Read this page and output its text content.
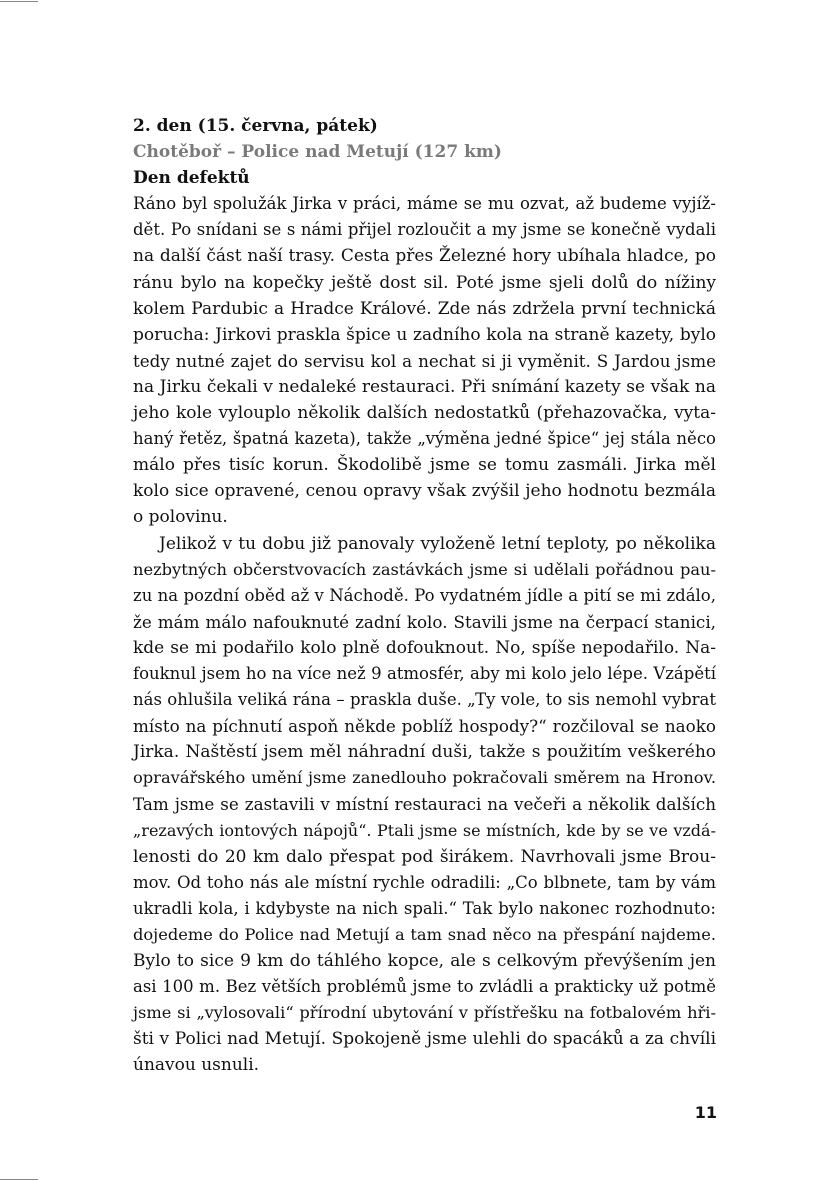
2. den (15. června, pátek)

Chotěboř – Police nad Metují (127 km)

Den defektů

Ráno byl spolužák Jirka v práci, máme se mu ozvat, až budeme vyjíž-
dět. Po snídani se s námi přijel rozloučit a my jsme se konečně vydali
na další část naší trasy. Cesta přes Železné hory ubíhala hladce, po
ránu bylo na kopečky ještě dost sil. Poté jsme sjeli dolů do nížiny
kolem Pardubic a Hradce Králové. Zde nás zdržela první technická
porucha: Jirkovi praskla špice u zadního kola na straně kazety, bylo
tedy nutné zajet do servisu kol a nechat si ji vyměnit. S Jardou jsme
na Jirku čekali v nedaleké restauraci. Při snímání kazety se však na
jeho kole vylouplo několik dalších nedostatků (přehazovačka, vyta-
haný řetěz, špatná kazeta), takže „výměna jedné špice“ jej stála něco
málo přes tisíc korun. Škodolibě jsme se tomu zasmáli. Jirka měl
kolo sice opravené, cenou opravy však zvýšil jeho hodnotu bezmála
o polovinu.
Jelikož v tu dobu již panovaly vyloženě letní teploty, po několika
nezbytných občerstvovacích zastávkách jsme si udělali pořádnou pau-
zu na pozdní oběd až v Náchodě. Po vydatném jídle a pití se mi zdálo,
že mám málo nafouknuté zadní kolo. Stavili jsme na čerpací stanici,
kde se mi podařilo kolo plně dofouknout. No, spíše nepodařilo. Na-
fouknul jsem ho na více než 9 atmosfér, aby mi kolo jelo lépe. Vzápětí
nás ohlušila veliká rána – praskla duše. „Ty vole, to sis nemohl vybrat
místo na píchnutí aspoň někde poblíž hospody?“ rozčiloval se naoko
Jirka. Naštěstí jsem měl náhradní duši, takže s použitím veškerého
opravářského umění jsme zanedlouho pokračovali směrem na Hronov.
Tam jsme se zastavili v místní restauraci na večeři a několik dalších
„rezavých iontových nápojů“. Ptali jsme se místních, kde by se ve vzdá-
lenosti do 20 km dalo přespat pod širákem. Navrhovali jsme Brou-
mov. Od toho nás ale místní rychle odradili: „Co blbnete, tam by vám
ukradli kola, i kdybyste na nich spali.“ Tak bylo nakonec rozhodnuto:
dojedeme do Police nad Metují a tam snad něco na přespání najdeme.
Bylo to sice 9 km do táhlého kopce, ale s celkovým převýšením jen
asi 100 m. Bez větších problémů jsme to zvládli a prakticky už potmě
jsme si „vylosovali“ přírodní ubytování v přístřešku na fotbalovém hři-
šti v Polici nad Metují. Spokojeně jsme ulehli do spacáků a za chvíli
únavou usnuli.
11
